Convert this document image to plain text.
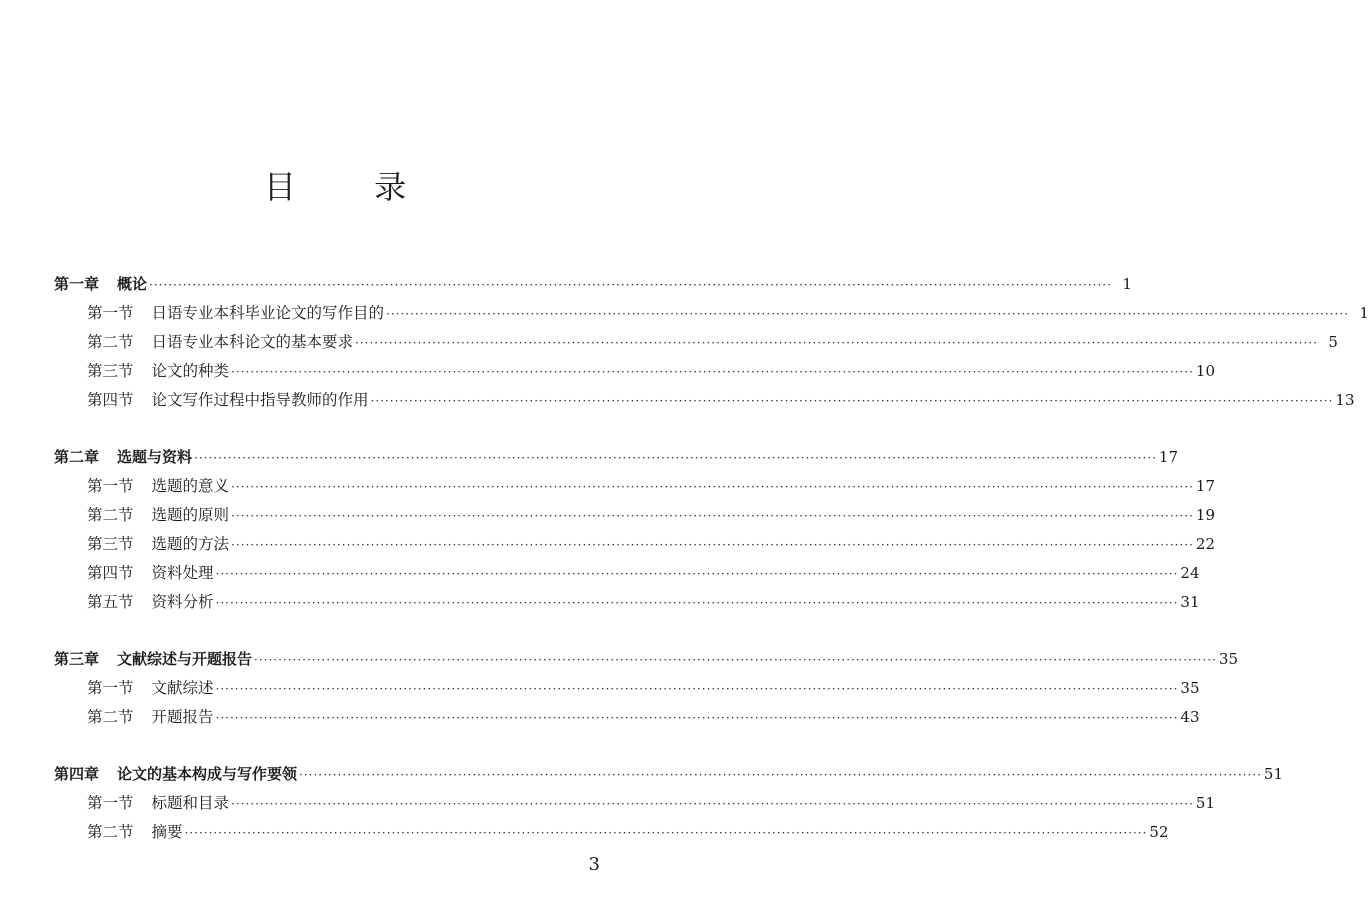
目 录
第一章 概论 ········································································································································································································ 1
第一节 日语专业本科毕业论文的写作目的 ········································································································································································································ 1
第二节 日语专业本科论文的基本要求 ········································································································································································································ 5
第三节 论文的种类 ········································································································································································································ 10
第四节 论文写作过程中指导教师的作用 ········································································································································································································ 13
第二章 选题与资料 ········································································································································································································ 17
第一节 选题的意义 ········································································································································································································ 17
第二节 选题的原则 ········································································································································································································ 19
第三节 选题的方法 ········································································································································································································ 22
第四节 资料处理 ········································································································································································································ 24
第五节 资料分析 ········································································································································································································ 31
第三章 文献综述与开题报告 ········································································································································································································ 35
第一节 文献综述 ········································································································································································································ 35
第二节 开题报告 ········································································································································································································ 43
第四章 论文的基本构成与写作要领 ········································································································································································································ 51
第一节 标题和目录 ········································································································································································································ 51
第二节 摘要 ········································································································································································································ 52
3
